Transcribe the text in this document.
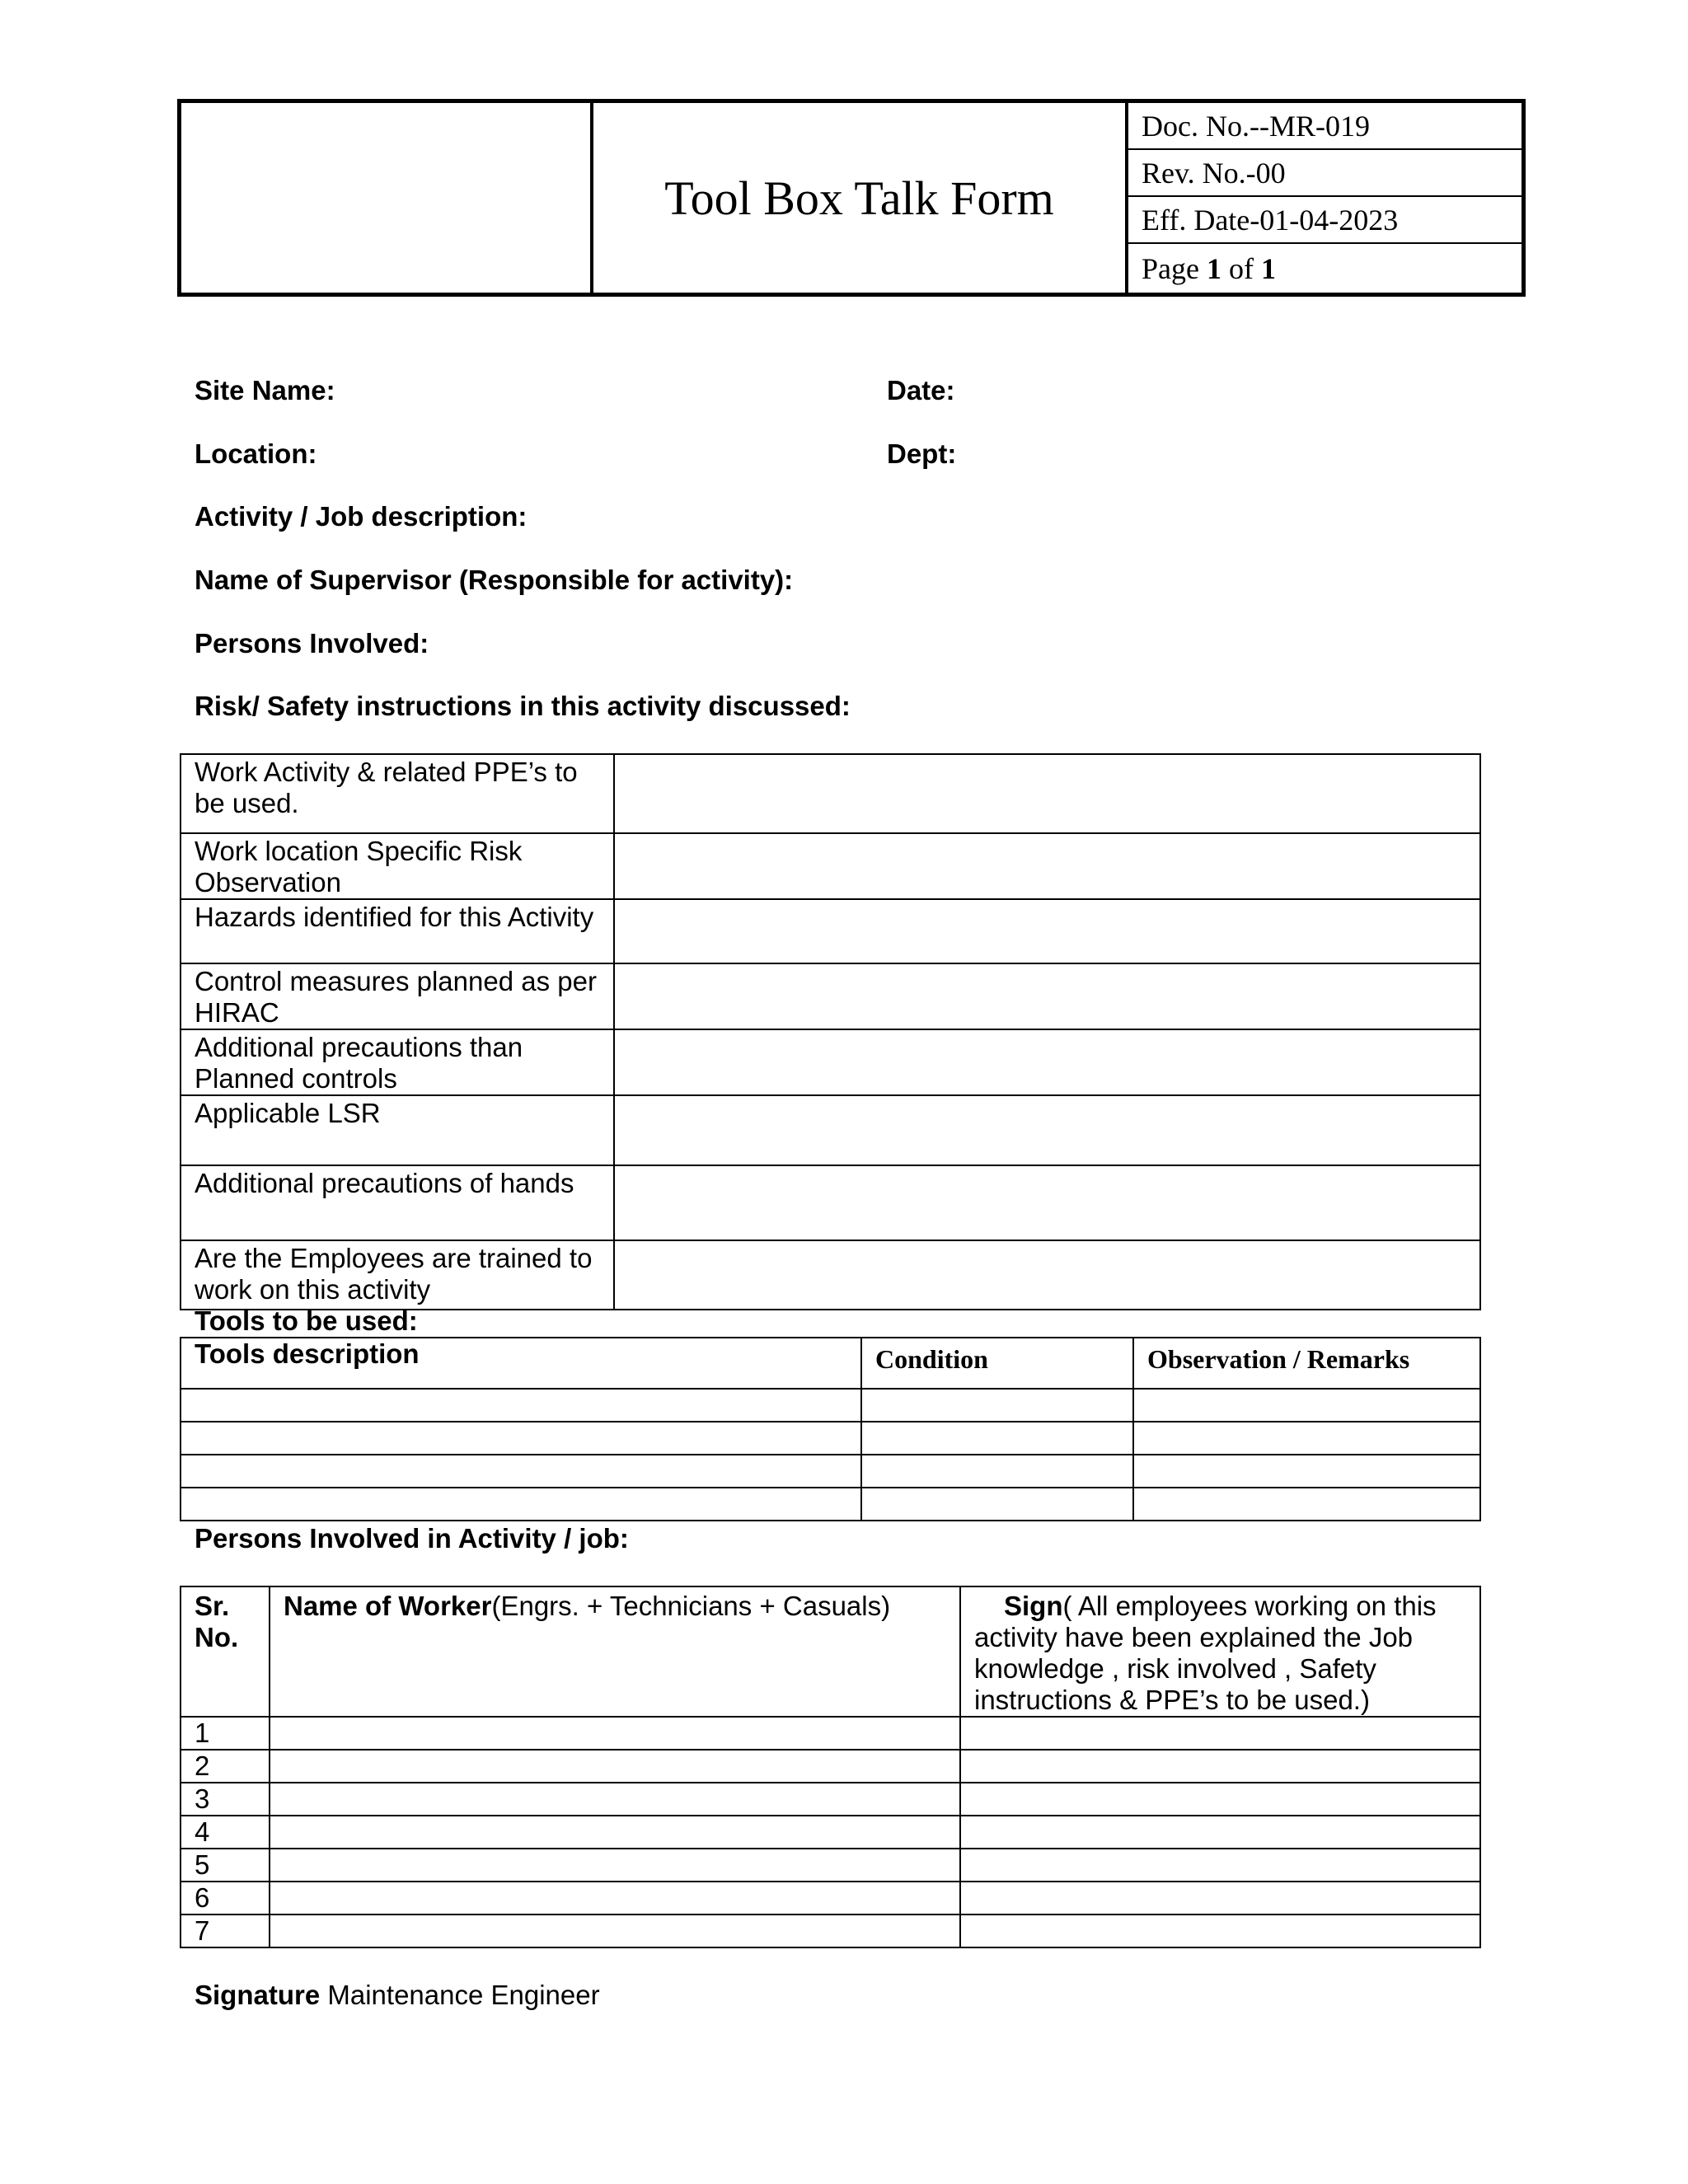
Tool Box Talk Form
Doc. No.--MR-019
Rev. No.-00
Eff. Date-01-04-2023
Page 1 of 1
Site Name:	Date:
Location:	Dept:
Activity / Job description:
Name of Supervisor (Responsible for activity):
Persons Involved:
Risk/ Safety instructions in this activity discussed:
Work Activity & related PPE’s to be used.	
Work location Specific Risk Observation	
Hazards identified for this Activity	
Control measures planned as per HIRAC	
Additional precautions than Planned controls	
Applicable LSR	
Additional precautions of hands	
Are the Employees are trained to work on this activity	
Tools to be used:
Tools description	Condition	Observation / Remarks

Persons Involved in Activity / job:
Sr. No.	Name of Worker(Engrs. + Technicians + Casuals)	Sign( All employees working on this activity have been explained the Job knowledge , risk involved , Safety instructions & PPE’s to be used.)
1		
2		
3		
4		
5		
6		
7		
Signature Maintenance Engineer
